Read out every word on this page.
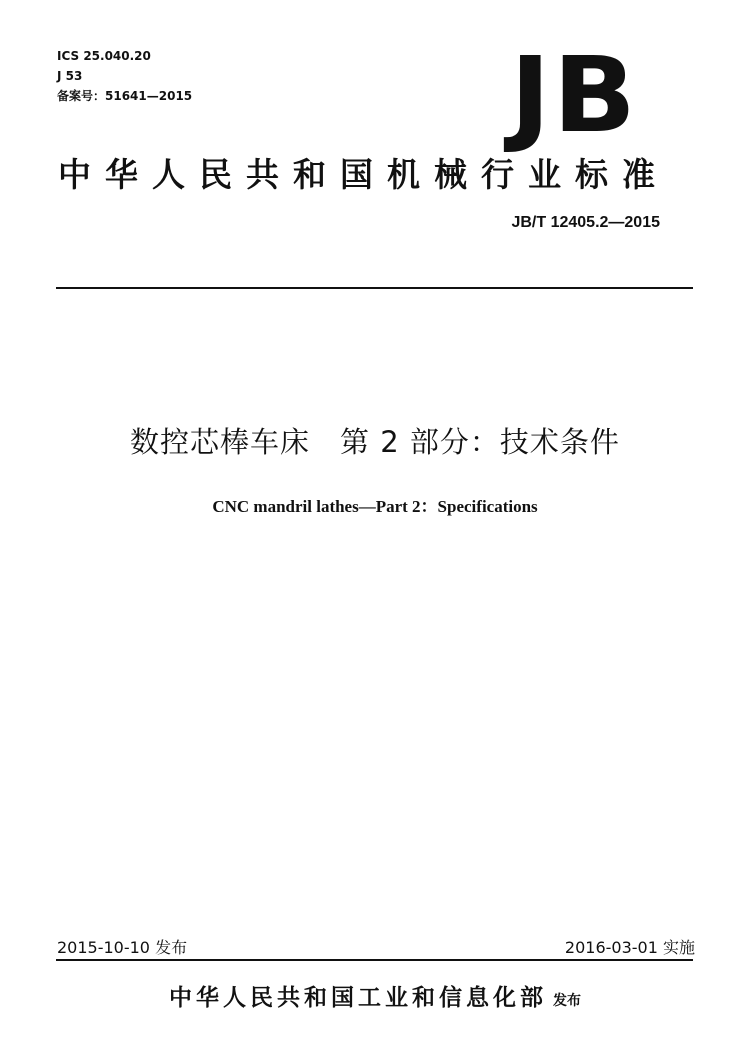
ICS 25.040.20
J 53
备案号：51641—2015	JB
中华人民共和国机械行业标准
JB/T 12405.2—2015
数控芯棒车床　第 2 部分：技术条件
CNC mandril lathes—Part 2：Specifications
2015-10-10 发布	2016-03-01 实施
中华人民共和国工业和信息化部 发布
